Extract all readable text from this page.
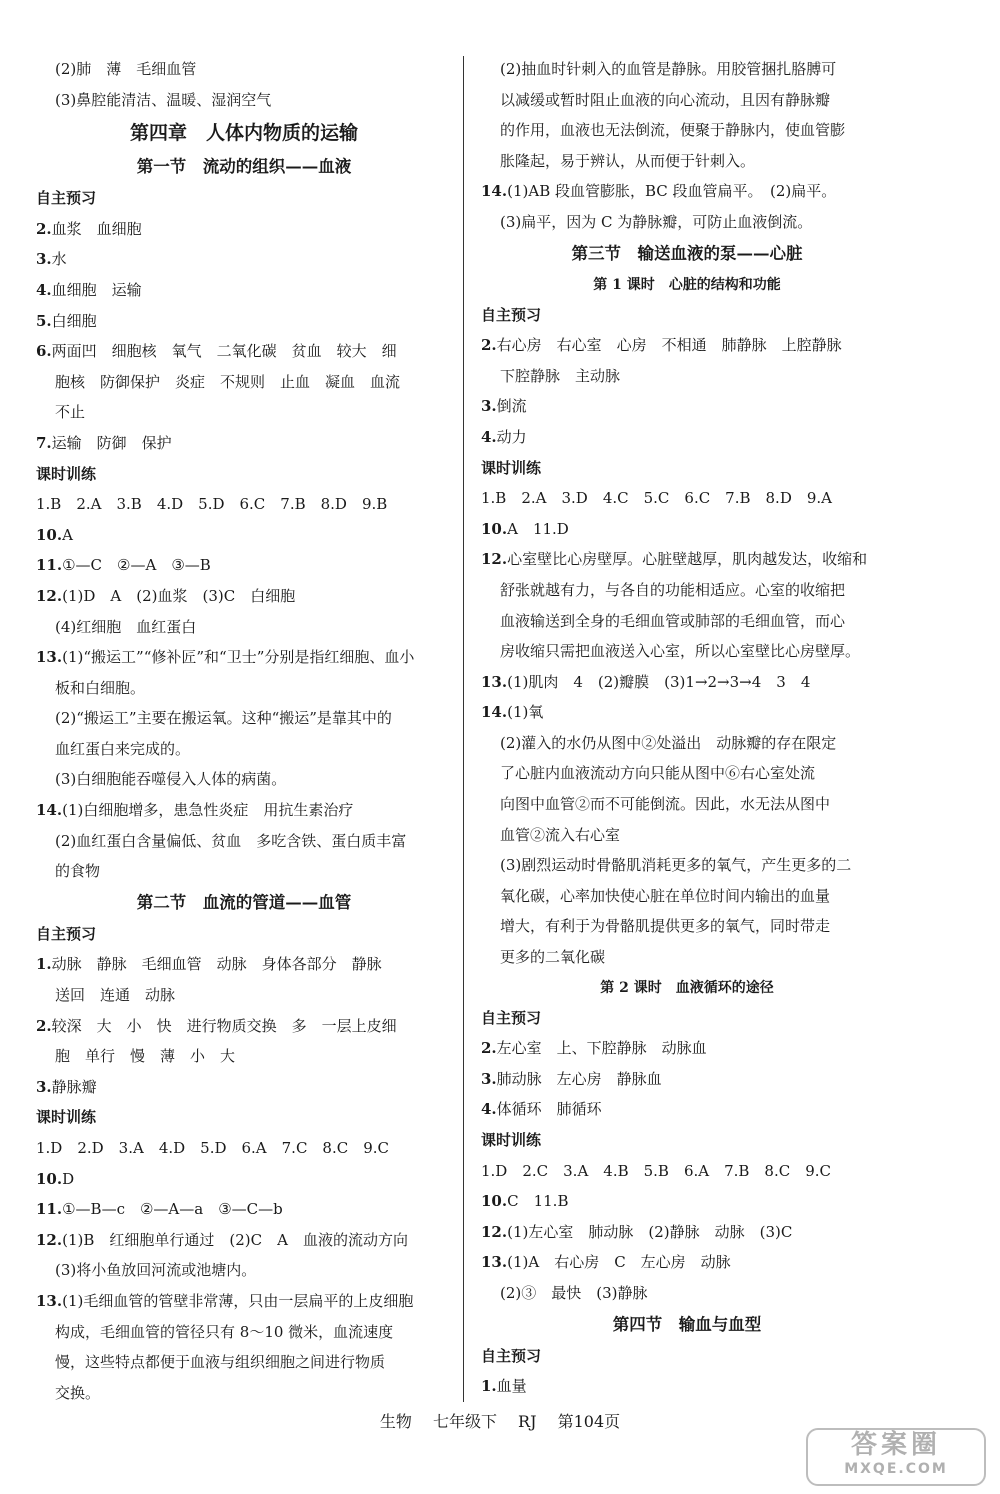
(2)肺　薄　毛细血管
(3)鼻腔能清洁、温暖、湿润空气
第四章　人体内物质的运输
第一节　流动的组织——血液
自主预习
2.血浆　血细胞
3.水
4.血细胞　运输
5.白细胞
6.两面凹　细胞核　氧气　二氧化碳　贫血　较大　细
胞核　防御保护　炎症　不规则　止血　凝血　血流
不止
7.运输　防御　保护
课时训练
1.B　2.A　3.B　4.D　5.D　6.C　7.B　8.D　9.B
10.A
11.①—C　②—A　③—B
12.(1)D　A　(2)血浆　(3)C　白细胞
(4)红细胞　血红蛋白
13.(1)“搬运工”“修补匠”和“卫士”分别是指红细胞、血小
板和白细胞。
(2)“搬运工”主要在搬运氧。这种“搬运”是靠其中的
血红蛋白来完成的。
(3)白细胞能吞噬侵入人体的病菌。
14.(1)白细胞增多，患急性炎症　用抗生素治疗
(2)血红蛋白含量偏低、贫血　多吃含铁、蛋白质丰富
的食物
第二节　血流的管道——血管
自主预习
1.动脉　静脉　毛细血管　动脉　身体各部分　静脉
送回　连通　动脉
2.较深　大　小　快　进行物质交换　多　一层上皮细
胞　单行　慢　薄　小　大
3.静脉瓣
课时训练
1.D　2.D　3.A　4.D　5.D　6.A　7.C　8.C　9.C
10.D
11.①—B—c　②—A—a　③—C—b
12.(1)B　红细胞单行通过　(2)C　A　血液的流动方向
(3)将小鱼放回河流或池塘内。
13.(1)毛细血管的管壁非常薄，只由一层扁平的上皮细胞
构成，毛细血管的管径只有 8～10 微米，血流速度
慢，这些特点都便于血液与组织细胞之间进行物质
交换。
(2)抽血时针刺入的血管是静脉。用胶管捆扎胳膊可
以减缓或暂时阻止血液的向心流动，且因有静脉瓣
的作用，血液也无法倒流，便聚于静脉内，使血管膨
胀隆起，易于辨认，从而便于针刺入。
14.(1)AB 段血管膨胀，BC 段血管扁平。　(2)扁平。
(3)扁平，因为 C 为静脉瓣，可防止血液倒流。
第三节　输送血液的泵——心脏
第 1 课时　心脏的结构和功能
自主预习
2.右心房　右心室　心房　不相通　肺静脉　上腔静脉
下腔静脉　主动脉
3.倒流
4.动力
课时训练
1.B　2.A　3.D　4.C　5.C　6.C　7.B　8.D　9.A
10.A　11.D
12.心室壁比心房壁厚。心脏壁越厚，肌肉越发达，收缩和
舒张就越有力，与各自的功能相适应。心室的收缩把
血液输送到全身的毛细血管或肺部的毛细血管，而心
房收缩只需把血液送入心室，所以心室壁比心房壁厚。
13.(1)肌肉　4　(2)瓣膜　(3)1→2→3→4　3　4
14.(1)氧
(2)灌入的水仍从图中②处溢出　动脉瓣的存在限定
了心脏内血液流动方向只能从图中⑥右心室处流
向图中血管②而不可能倒流。因此，水无法从图中
血管②流入右心室
(3)剧烈运动时骨骼肌消耗更多的氧气，产生更多的二
氧化碳，心率加快使心脏在单位时间内输出的血量
增大，有利于为骨骼肌提供更多的氧气，同时带走
更多的二氧化碳
第 2 课时　血液循环的途径
自主预习
2.左心室　上、下腔静脉　动脉血
3.肺动脉　左心房　静脉血
4.体循环　肺循环
课时训练
1.D　2.C　3.A　4.B　5.B　6.A　7.B　8.C　9.C
10.C　11.B
12.(1)左心室　肺动脉　(2)静脉　动脉　(3)C
13.(1)A　右心房　C　左心房　动脉
(2)③　最快　(3)静脉
第四节　输血与血型
自主预习
1.血量
生物 七年级下 RJ 第104页
答案圈
MXQE.COM
